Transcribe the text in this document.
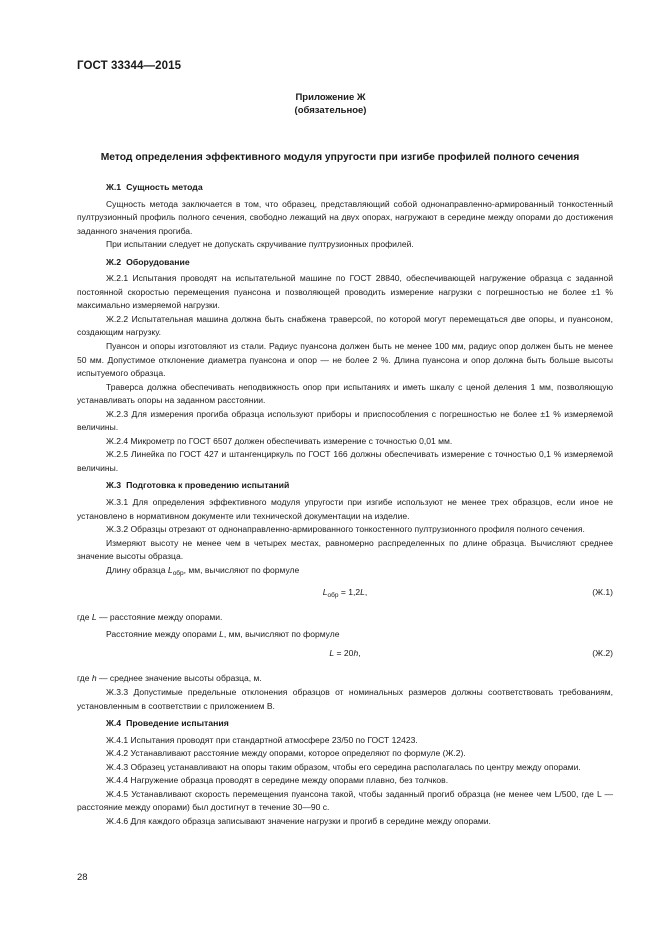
ГОСТ 33344—2015
Приложение Ж
(обязательное)
Метод определения эффективного модуля упругости при изгибе профилей полного сечения
Ж.1 Сущность метода

Сущность метода заключается в том, что образец, представляющий собой однонаправленно-армированный тонкостенный пултрузионный профиль полного сечения, свободно лежащий на двух опорах, нагружают в середине между опорами до достижения заданного значения прогиба.

При испытании следует не допускать скручивание пултрузионных профилей.

Ж.2 Оборудование

Ж.2.1 Испытания проводят на испытательной машине по ГОСТ 28840, обеспечивающей нагружение образца с заданной постоянной скоростью перемещения пуансона и позволяющей проводить измерение нагрузки с погрешностью не более ±1 % максимально измеряемой нагрузки.

Ж.2.2 Испытательная машина должна быть снабжена траверсой, по которой могут перемещаться две опоры, и пуансоном, создающим нагрузку.

Пуансон и опоры изготовляют из стали. Радиус пуансона должен быть не менее 100 мм, радиус опор должен быть не менее 50 мм. Допустимое отклонение диаметра пуансона и опор — не более 2 %. Длина пуансона и опор должна быть больше высоты испытуемого образца.

Траверса должна обеспечивать неподвижность опор при испытаниях и иметь шкалу с ценой деления 1 мм, позволяющую устанавливать опоры на заданном расстоянии.

Ж.2.3 Для измерения прогиба образца используют приборы и приспособления с погрешностью не более ±1 % измеряемой величины.

Ж.2.4 Микрометр по ГОСТ 6507 должен обеспечивать измерение с точностью 0,01 мм.

Ж.2.5 Линейка по ГОСТ 427 и штангенциркуль по ГОСТ 166 должны обеспечивать измерение с точностью 0,1 % измеряемой величины.

Ж.3 Подготовка к проведению испытаний

Ж.3.1 Для определения эффективного модуля упругости при изгибе используют не менее трех образцов, если иное не установлено в нормативном документе или технической документации на изделие.

Ж.3.2 Образцы отрезают от однонаправленно-армированного тонкостенного пултрузионного профиля полного сечения.

Измеряют высоту не менее чем в четырех местах, равномерно распределенных по длине образца. Вычисляют среднее значение высоты образца.

Длину образца $L_{обр}$, мм, вычисляют по формуле

$L_{обр} = 1,2L$,	(Ж.1)

где L — расстояние между опорами.

Расстояние между опорами L, мм, вычисляют по формуле

L = 20h,	(Ж.2)

где h — среднее значение высоты образца, м.

Ж.3.3 Допустимые предельные отклонения образцов от номинальных размеров должны соответствовать требованиям, установленным в соответствии с приложением В.

Ж.4 Проведение испытания

Ж.4.1 Испытания проводят при стандартной атмосфере 23/50 по ГОСТ 12423.

Ж.4.2 Устанавливают расстояние между опорами, которое определяют по формуле (Ж.2).

Ж.4.3 Образец устанавливают на опоры таким образом, чтобы его середина располагалась по центру между опорами.

Ж.4.4 Нагружение образца проводят в середине между опорами плавно, без толчков.

Ж.4.5 Устанавливают скорость перемещения пуансона такой, чтобы заданный прогиб образца (не менее чем L/500, где L — расстояние между опорами) был достигнут в течение 30—90 с.

Ж.4.6 Для каждого образца записывают значение нагрузки и прогиб в середине между опорами.

28
